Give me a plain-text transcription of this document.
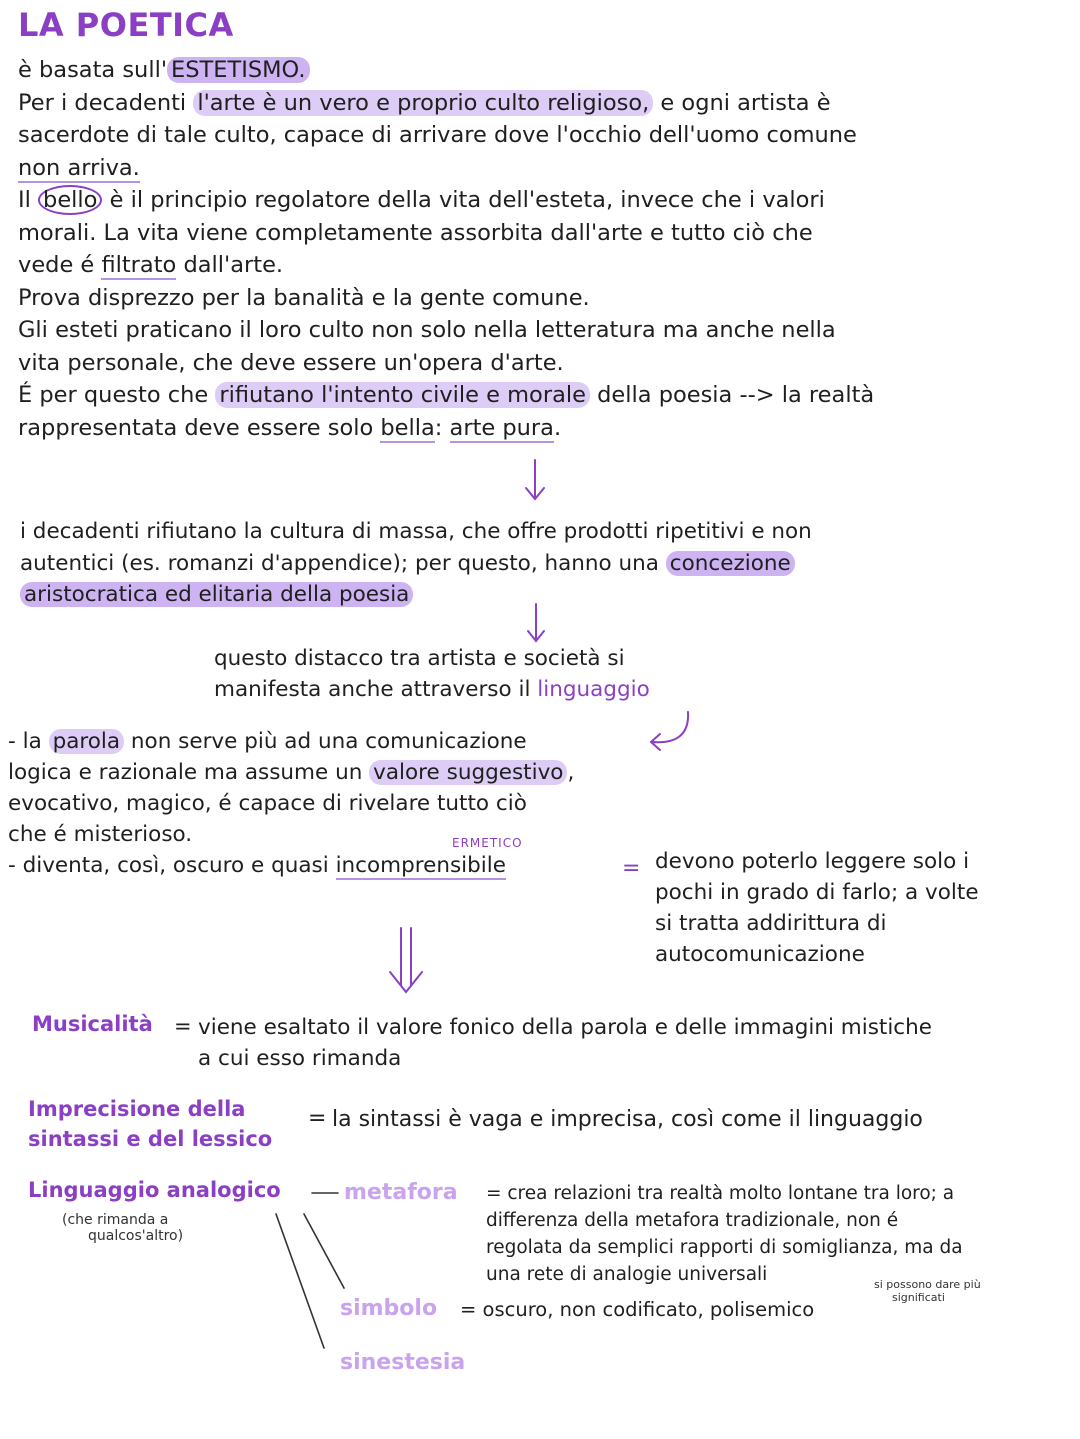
LA POETICA
è basata sull' ESTETISMO.
Per i decadenti l'arte è un vero e proprio culto religioso, e ogni artista è
sacerdote di tale culto, capace di arrivare dove l'occhio dell'uomo comune
non arriva.
Il bello è il principio regolatore della vita dell'esteta, invece che i valori
morali. La vita viene completamente assorbita dall'arte e tutto ciò che
vede é filtrato dall'arte.
Prova disprezzo per la banalità e la gente comune.
Gli esteti praticano il loro culto non solo nella letteratura ma anche nella
vita personale, che deve essere un'opera d'arte.
É per questo che rifiutano l'intento civile e morale della poesia --> la realtà
rappresentata deve essere solo bella: arte pura.
i decadenti rifiutano la cultura di massa, che offre prodotti ripetitivi e non
autentici (es. romanzi d'appendice); per questo, hanno una concezione
aristocratica ed elitaria della poesia
questo distacco tra artista e società si
manifesta anche attraverso il linguaggio
- la parola non serve più ad una comunicazione
logica e razionale ma assume un valore suggestivo ,
evocativo, magico, é capace di rivelare tutto ciò
che é misterioso.
- diventa, così, oscuro e quasi incomprensibile
ERMETICO
= devono poterlo leggere solo i
pochi in grado di farlo; a volte
si tratta addirittura di
autocomunicazione
Musicalità = viene esaltato il valore fonico della parola e delle immagini mistiche
a cui esso rimanda
Imprecisione della
sintassi e del lessico
= la sintassi è vaga e imprecisa, così come il linguaggio
Linguaggio analogico
(che rimanda a
qualcos'altro)
metafora = crea relazioni tra realtà molto lontane tra loro; a
differenza della metafora tradizionale, non é
regolata da semplici rapporti di somiglianza, ma da
una rete di analogie universali
simbolo = oscuro, non codificato, polisemico
si possono dare più
significati
sinestesia
